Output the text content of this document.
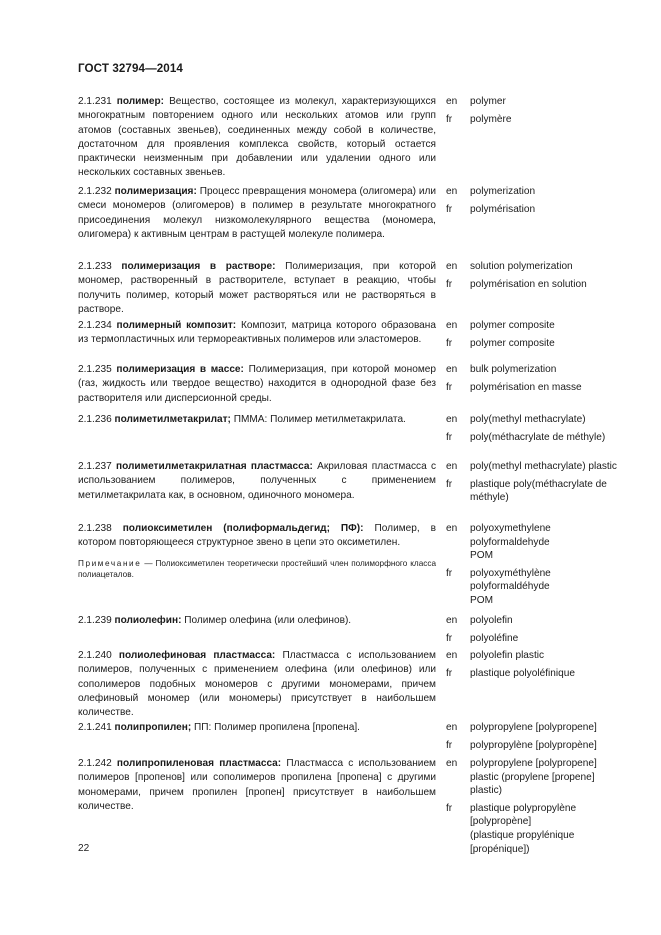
ГОСТ 32794—2014
2.1.231 полимер: Вещество, состоящее из молекул, характеризующихся многократным повторением одного или нескольких атомов или групп атомов (составных звеньев), соединенных между собой в количестве, достаточном для проявления комплекса свойств, который остается практически неизменным при добавлении или удалении одного или нескольких составных звеньев.
en	polymer
fr	polymère
2.1.232 полимеризация: Процесс превращения мономера (олигомера) или смеси мономеров (олигомеров) в полимер в результате многократного присоединения молекул низкомолекулярного вещества (мономера, олигомера) к активным центрам в растущей молекуле полимера.
en	polymerization
fr	polymérisation
2.1.233 полимеризация в растворе: Полимеризация, при которой мономер, растворенный в растворителе, вступает в реакцию, чтобы получить полимер, который может растворяться или не растворяться в растворе.
en	solution polymerization
fr	polymérisation en solution
2.1.234 полимерный композит: Композит, матрица которого образована из термопластичных или термореактивных полимеров или эластомеров.
en	polymer composite
fr	polymer composite
2.1.235 полимеризация в массе: Полимеризация, при которой мономер (газ, жидкость или твердое вещество) находится в однородной фазе без растворителя или дисперсионной среды.
en	bulk polymerization
fr	polymérisation en masse
2.1.236 полиметилметакрилат; ПММА: Полимер метилметакрилата.	en	poly(methyl methacrylate)
fr	poly(méthacrylate de méthyle)
2.1.237 полиметилметакрилатная пластмасса: Акриловая пластмасса с использованием полимеров, полученных с применением метилметакрилата как, в основном, одиночного мономера.
en	poly(methyl methacrylate) plastic
fr	plastique poly(méthacrylate de méthyle)
2.1.238 полиоксиметилен (полиформальдегид; ПФ): Полимер, в котором повторяющееся структурное звено в цепи это оксиметилен.
Примечание — Полиоксиметилен теоретически простейший член полиморфного класса полиацеталов.
en	polyoxymethylene
polyformaldehyde
POM
fr	polyoxyméthylène
polyformaldéhyde
POM
2.1.239 полиолефин: Полимер олефина (или олефинов).	en	polyolefin
fr	polyoléfine
2.1.240 полиолефиновая пластмасса: Пластмасса с использованием полимеров, полученных с применением олефина (или олефинов) или сополимеров подобных мономеров с другими мономерами, причем олефиновый мономер (или мономеры) присутствует в наибольшем количестве.
en	polyolefin plastic
fr	plastique polyoléfinique
2.1.241 полипропилен; ПП: Полимер пропилена [пропена].	en	polypropylene [polypropene]
fr	polypropylène [polypropène]
2.1.242 полипропиленовая пластмасса: Пластмасса с использованием полимеров [пропенов] или сополимеров пропилена [пропена] с другими мономерами, причем пропилен [пропен] присутствует в наибольшем количестве.
en	polypropylene [polypropene]
plastic (propylene [propene] plastic)
fr	plastique polypropylène
[polypropène]
(plastique propylénique
[propénique])
22
